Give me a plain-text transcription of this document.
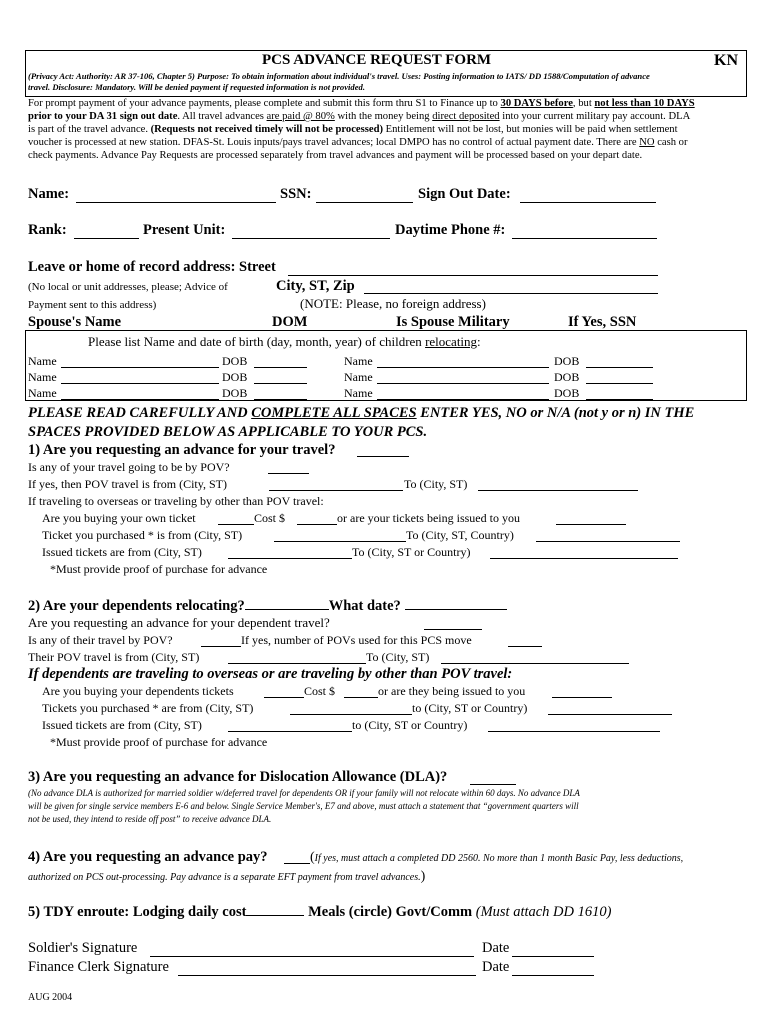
PCS ADVANCE REQUEST FORM	KN
(Privacy Act: Authority: AR 37-106, Chapter 5) Purpose: To obtain information about individual's travel. Uses: Posting information to IATS/ DD 1588/Computation of advance
travel. Disclosure: Mandatory. Will be denied payment if requested information is not provided.
For prompt payment of your advance payments, please complete and submit this form thru S1 to Finance up to 30 DAYS before, but not less than 10 DAYS
prior to your DA 31 sign out date. All travel advances are paid @ 80% with the money being direct deposited into your current military pay account. DLA
is part of the travel advance. (Requests not received timely will not be processed) Entitlement will not be lost, but monies will be paid when settlement
voucher is processed at new station. DFAS-St. Louis inputs/pays travel advances; local DMPO has no control of actual payment date. There are NO cash or
check payments. Advance Pay Requests are processed separately from travel advances and payment will be processed based on your depart date.
Name:	SSN:	Sign Out Date:
Rank:	Present Unit:	Daytime Phone #:
Leave or home of record address: Street
(No local or unit addresses, please; Advice of	City, ST, Zip
Payment sent to this address)	(NOTE: Please, no foreign address)
Spouse's Name	DOM	Is Spouse Military	If Yes, SSN
Please list Name and date of birth (day, month, year) of children relocating:
Name	DOB	Name	DOB
Name	DOB	Name	DOB
Name	DOB	Name	DOB
PLEASE READ CAREFULLY AND COMPLETE ALL SPACES ENTER YES, NO or N/A (not y or n) IN THE
SPACES PROVIDED BELOW AS APPLICABLE TO YOUR PCS.
1) Are you requesting an advance for your travel?
Is any of your travel going to be by POV?
If yes, then POV travel is from (City, ST)	To (City, ST)
If traveling to overseas or traveling by other than POV travel:
Are you buying your own ticket	Cost $	or are your tickets being issued to you
Ticket you purchased * is from (City, ST)	To (City, ST, Country)
Issued tickets are from (City, ST)	To (City, ST or Country)
*Must provide proof of purchase for advance
2) Are your dependents relocating?	What date?
Are you requesting an advance for your dependent travel?
Is any of their travel by POV?	If yes, number of POVs used for this PCS move
Their POV travel is from (City, ST)	To (City, ST)
If dependents are traveling to overseas or are traveling by other than POV travel:
Are you buying your dependents tickets	Cost $	or are they being issued to you
Tickets you purchased * are from (City, ST)	to (City, ST or Country)
Issued tickets are from (City, ST)	to (City, ST or Country)
*Must provide proof of purchase for advance
3) Are you requesting an advance for Dislocation Allowance (DLA)?
(No advance DLA is authorized for married soldier w/deferred travel for dependents OR if your family will not relocate within 60 days. No advance DLA
will be given for single service members E-6 and below. Single Service Member's, E7 and above, must attach a statement that “government quarters will
not be used, they intend to reside off post” to receive advance DLA.
4) Are you requesting an advance pay?	(If yes, must attach a completed DD 2560. No more than 1 month Basic Pay, less deductions,
authorized on PCS out-processing. Pay advance is a separate EFT payment from travel advances.)
5) TDY enroute: Lodging daily cost	Meals (circle) Govt/Comm (Must attach DD 1610)
Soldier's Signature	Date
Finance Clerk Signature	Date
AUG 2004
